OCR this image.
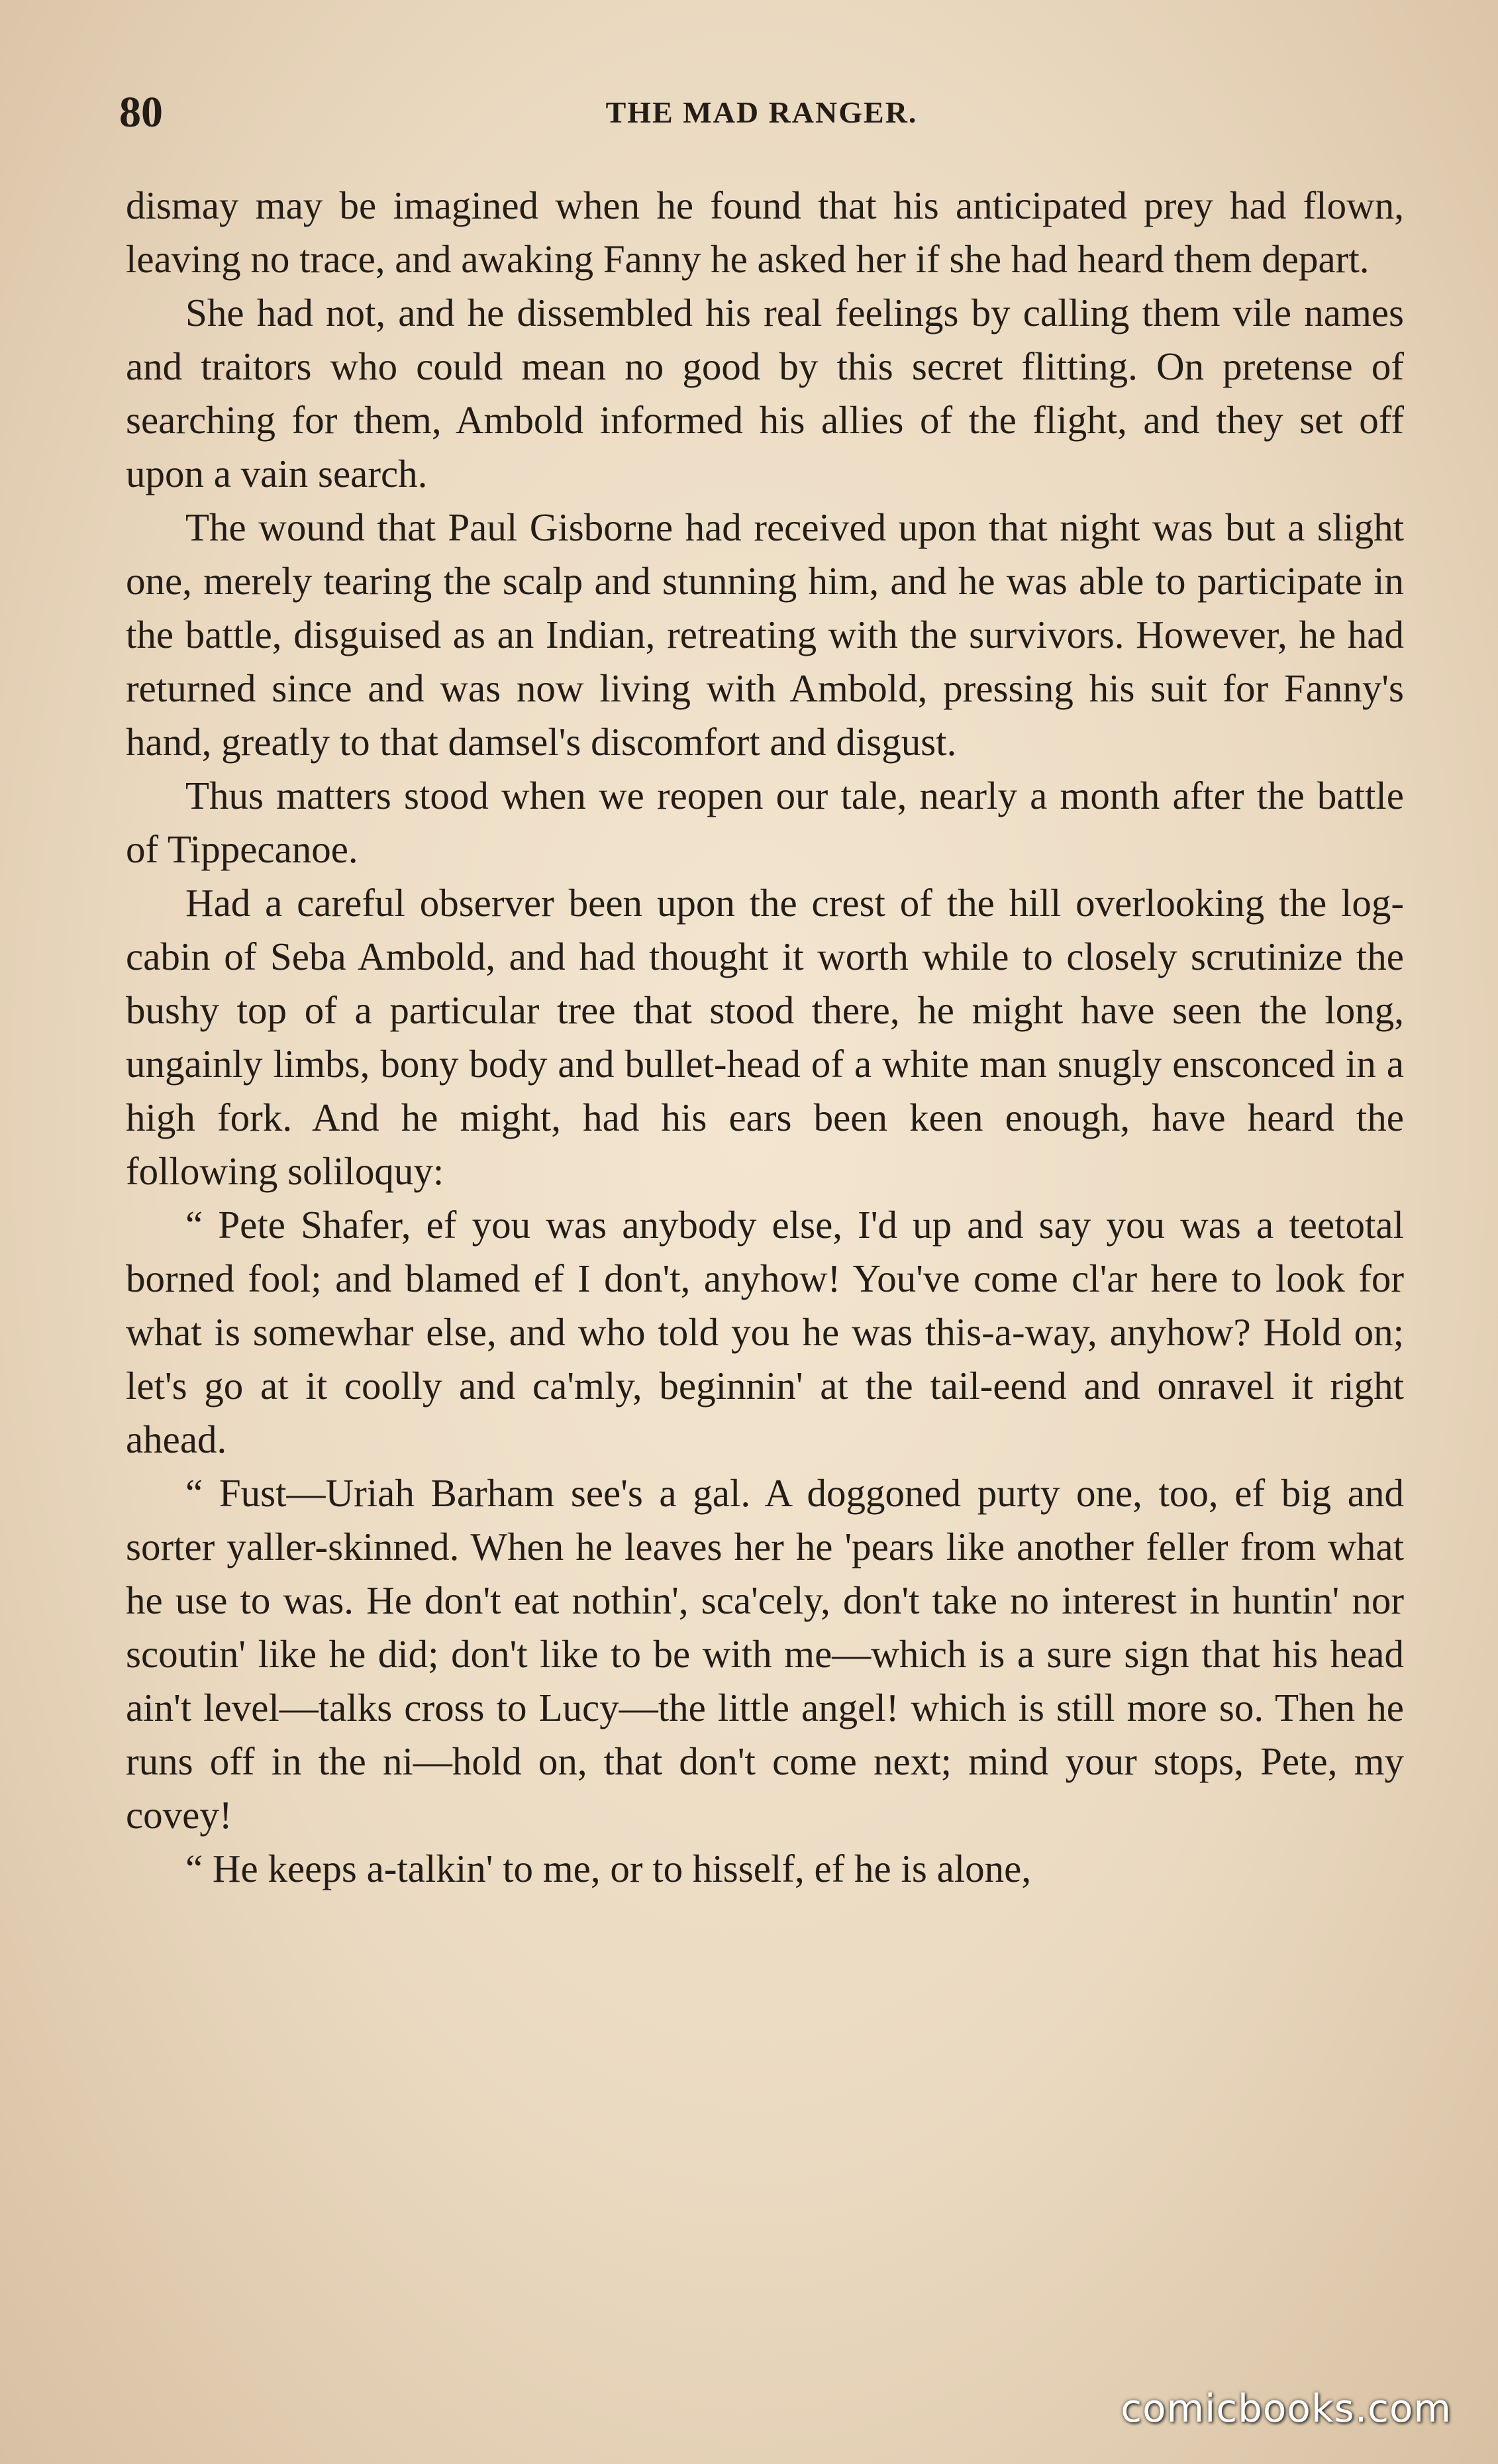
80	THE MAD RANGER.

dismay may be imagined when he found that his anticipated prey had flown, leaving no trace, and awaking Fanny he asked her if she had heard them depart.

She had not, and he dissembled his real feelings by calling them vile names and traitors who could mean no good by this secret flitting. On pretense of searching for them, Ambold informed his allies of the flight, and they set off upon a vain search.

The wound that Paul Gisborne had received upon that night was but a slight one, merely tearing the scalp and stunning him, and he was able to participate in the battle, disguised as an Indian, retreating with the survivors. However, he had returned since and was now living with Ambold, pressing his suit for Fanny's hand, greatly to that damsel's discomfort and disgust.

Thus matters stood when we reopen our tale, nearly a month after the battle of Tippecanoe.

Had a careful observer been upon the crest of the hill overlooking the log-cabin of Seba Ambold, and had thought it worth while to closely scrutinize the bushy top of a particular tree that stood there, he might have seen the long, ungainly limbs, bony body and bullet-head of a white man snugly ensconced in a high fork. And he might, had his ears been keen enough, have heard the following soliloquy:

“ Pete Shafer, ef you was anybody else, I'd up and say you was a teetotal borned fool; and blamed ef I don't, anyhow! You've come cl'ar here to look for what is somewhar else, and who told you he was this-a-way, anyhow? Hold on; let's go at it coolly and ca'mly, beginnin' at the tail-eend and onravel it right ahead.

“ Fust—Uriah Barham see's a gal. A doggoned purty one, too, ef big and sorter yaller-skinned. When he leaves her he 'pears like another feller from what he use to was. He don't eat nothin', sca'cely, don't take no interest in huntin' nor scoutin' like he did; don't like to be with me—which is a sure sign that his head ain't level—talks cross to Lucy—the little angel! which is still more so. Then he runs off in the ni—hold on, that don't come next; mind your stops, Pete, my covey!

“ He keeps a-talkin' to me, or to hisself, ef he is alone,

comicbooks.com
